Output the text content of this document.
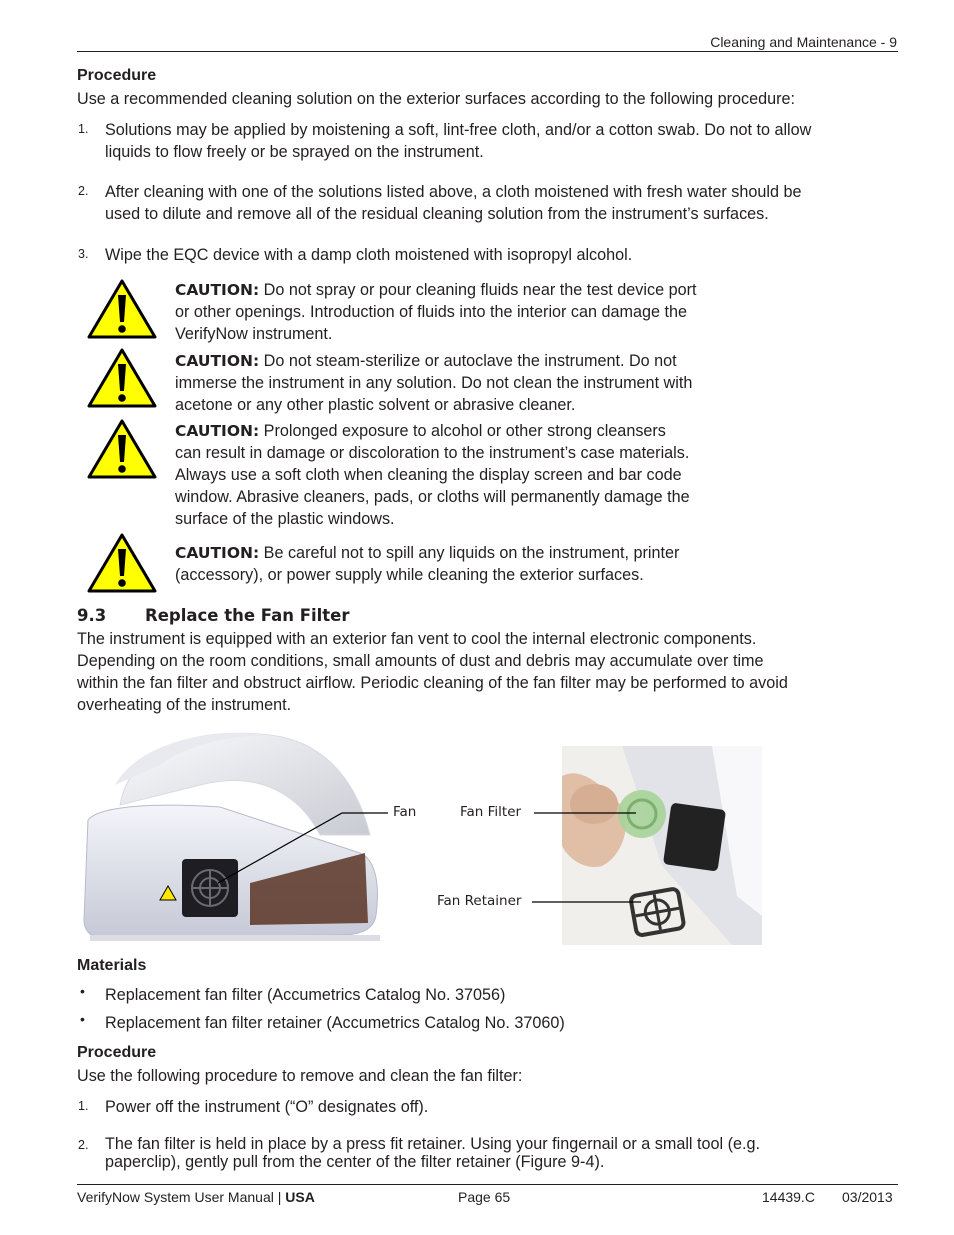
Cleaning and Maintenance - 9
Procedure
Use a recommended cleaning solution on the exterior surfaces according to the following procedure:
1. Solutions may be applied by moistening a soft, lint-free cloth, and/or a cotton swab. Do not to allow
liquids to flow freely or be sprayed on the instrument.
2. After cleaning with one of the solutions listed above, a cloth moistened with fresh water should be
used to dilute and remove all of the residual cleaning solution from the instrument’s surfaces.
3. Wipe the EQC device with a damp cloth moistened with isopropyl alcohol.
CAUTION: Do not spray or pour cleaning fluids near the test device port
or other openings. Introduction of fluids into the interior can damage the
VerifyNow instrument.
CAUTION: Do not steam-sterilize or autoclave the instrument. Do not
immerse the instrument in any solution. Do not clean the instrument with
acetone or any other plastic solvent or abrasive cleaner.
CAUTION: Prolonged exposure to alcohol or other strong cleansers
can result in damage or discoloration to the instrument’s case materials.
Always use a soft cloth when cleaning the display screen and bar code
window. Abrasive cleaners, pads, or cloths will permanently damage the
surface of the plastic windows.
CAUTION: Be careful not to spill any liquids on the instrument, printer
(accessory), or power supply while cleaning the exterior surfaces.
9.3 Replace the Fan Filter
The instrument is equipped with an exterior fan vent to cool the internal electronic components.
Depending on the room conditions, small amounts of dust and debris may accumulate over time
within the fan filter and obstruct airflow. Periodic cleaning of the fan filter may be performed to avoid
overheating of the instrument.
Fan	Fan Filter
Fan Retainer
Materials
• Replacement fan filter (Accumetrics Catalog No. 37056)
• Replacement fan filter retainer (Accumetrics Catalog No. 37060)
Procedure
Use the following procedure to remove and clean the fan filter:
1. Power off the instrument (“O” designates off).
2. The fan filter is held in place by a press fit retainer. Using your fingernail or a small tool (e.g.
paperclip), gently pull from the center of the filter retainer (Figure 9-4).
VerifyNow System User Manual | USA	Page 65	14439.C 03/2013
